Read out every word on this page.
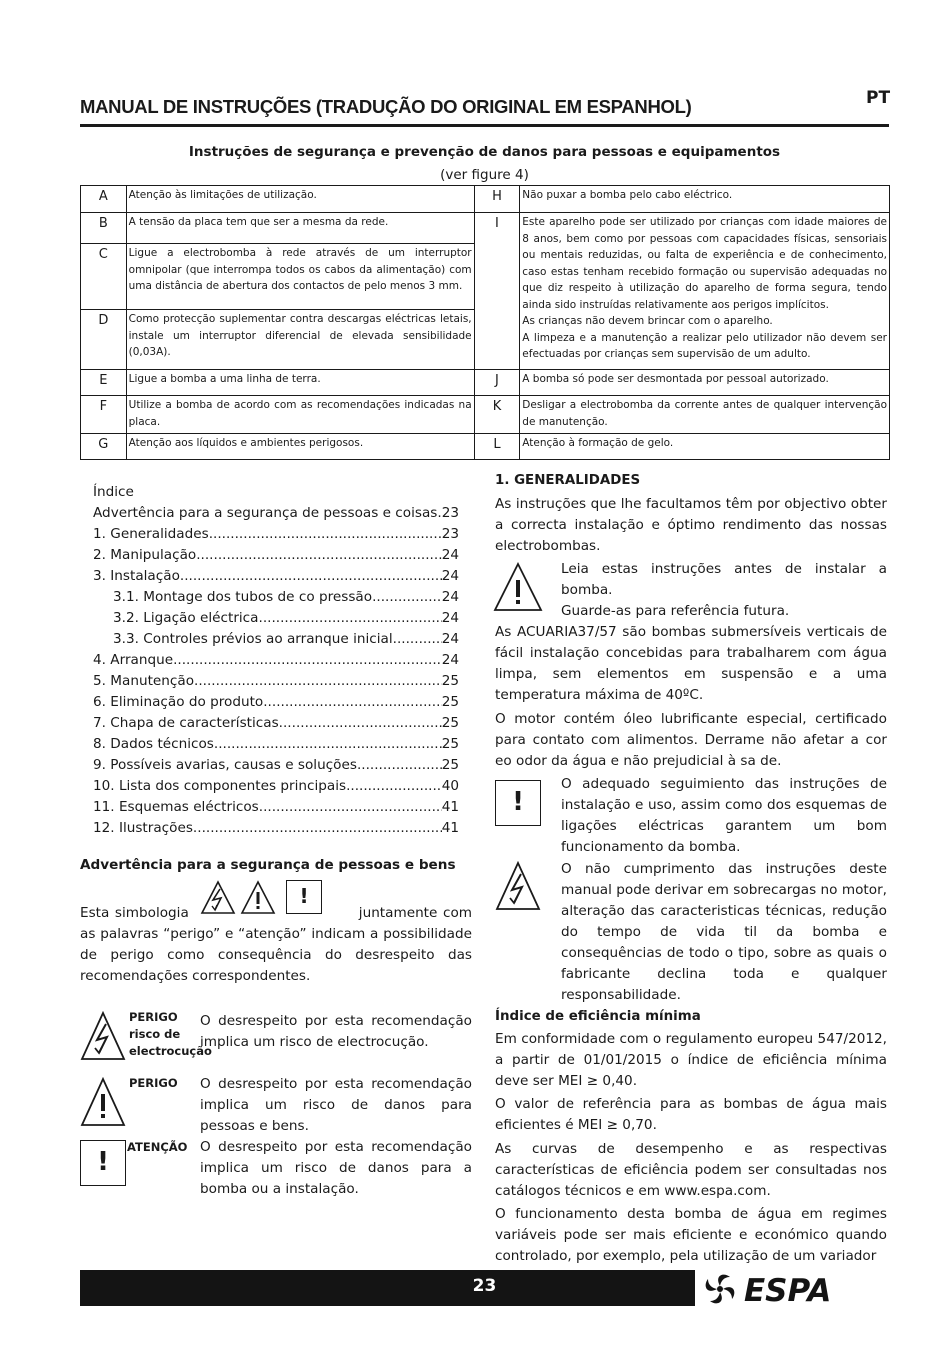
MANUAL DE INSTRUÇÕES (TRADUÇÃO DO ORIGINAL EM ESPANHOL)	PT
Instruções de segurança e prevenção de danos para pessoas e equipamentos
(ver figure 4)
A	Atenção às limitações de utilização.	H	Não puxar a bomba pelo cabo eléctrico.
B	A tensão da placa tem que ser a mesma da rede.	I	Este aparelho pode ser utilizado por crianças com idade maiores de 8 anos, bem como por pessoas com capacidades físicas, sensoriais ou mentais reduzidas, ou falta de experiência e de conhecimento, caso estas tenham recebido formação ou supervisão adequadas no que diz respeito à utilização do aparelho de forma segura, tendo ainda sido instruídas relativamente aos perigos implícitos.
As crianças não devem brincar com o aparelho.
A limpeza e a manutenção a realizar pelo utilizador não devem ser efectuadas por crianças sem supervisão de um adulto.

C	Ligue a electrobomba à rede através de um interruptor omnipolar (que interrompa todos os cabos da alimentação) com uma distância de abertura dos contactos de pelo menos 3 mm.		
D	Como protecção suplementar contra descargas eléctricas letais, instale um interruptor diferencial de elevada sensibilidade (0,03A).		
E	Ligue a bomba a uma linha de terra.	J	A bomba só pode ser desmontada por pessoal autorizado.
F	Utilize a bomba de acordo com as recomendações indicadas na placa.	K	Desligar a electrobomba da corrente antes de qualquer intervenção de manutenção.
G	Atenção aos líquidos e ambientes perigosos.	L	Atenção à formação de gelo.
Índice
Advertência para a segurança de pessoas e coisas ..... 23
1. Generalidades .....	23
2. Manipulação .....	24
3. Instalação .....	24
3.1. Montage dos tubos de co pressão .....	24
3.2. Ligação eléctrica .....	24
3.3. Controles prévios ao arranque inicial .....	24
4. Arranque .....	24
5. Manutenção .....	25
6. Eliminação do produto .....	25
7. Chapa de características .....	25
8. Dados técnicos .....	25
9. Possíveis avarias, causas e soluções .....	25
10. Lista dos componentes principais .....	40
11. Esquemas eléctricos .....	41
12. Ilustrações .....	41
Advertência para a segurança de pessoas e bens

Esta simbologia	juntamente com as palavras “perigo” e “atenção” indicam a possibilidade de perigo como consequência do desrespeito das recomendações correspondentes.

!
PERIGO
risco de
electrocução

O desrespeito por esta recomendação implica um risco de electrocução.

PERIGO O desrespeito por esta recomendação implica um risco de danos para pessoas e bens.

!	ATENÇÃO O desrespeito por esta recomendação implica um risco de danos para a bomba ou a instalação.

1. GENERALIDADES

As instruções que lhe facultamos têm por objectivo obter a correcta instalação e óptimo rendimento das nossas electrobombas.

Leia estas instruções antes de instalar a bomba.

Guarde-as para referência futura.

As ACUARIA37/57 são bombas submersíveis verticais de fácil instalação concebidas para trabalharem com água limpa, sem elementos em suspensão e a uma temperatura máxima de 40ºC.

O motor contém óleo lubrificante especial, certificado para contato com alimentos. Derrame não afetar a cor eo odor da água e não prejudicial à sa de.

!

O adequado seguimiento das instruções de instalação e uso, assim como dos esquemas de ligações eléctricas garantem um bom funcionamento da bomba.

O não cumprimento das instruções deste manual pode derivar em sobrecargas no motor, alteração das caracteristicas técnicas, redução do tempo de vida til da bomba e consequências de todo o tipo, sobre as quais o fabricante declina toda e qualquer responsabilidade.

Índice de eficiência mínima

Em conformidade com o regulamento europeu 547/2012, a partir de 01/01/2015 o índice de eficiência mínima deve ser MEI ≥ 0,40.

O valor de referência para as bombas de água mais eficientes é MEI ≥ 0,70.

As curvas de desempenho e as respectivas características de eficiência podem ser consultadas nos catálogos técnicos e em www.espa.com.

O funcionamento desta bomba de água em regimes variáveis pode ser mais eficiente e económico quando controlado, por exemplo, pela utilização de um variador

23	ESPA
